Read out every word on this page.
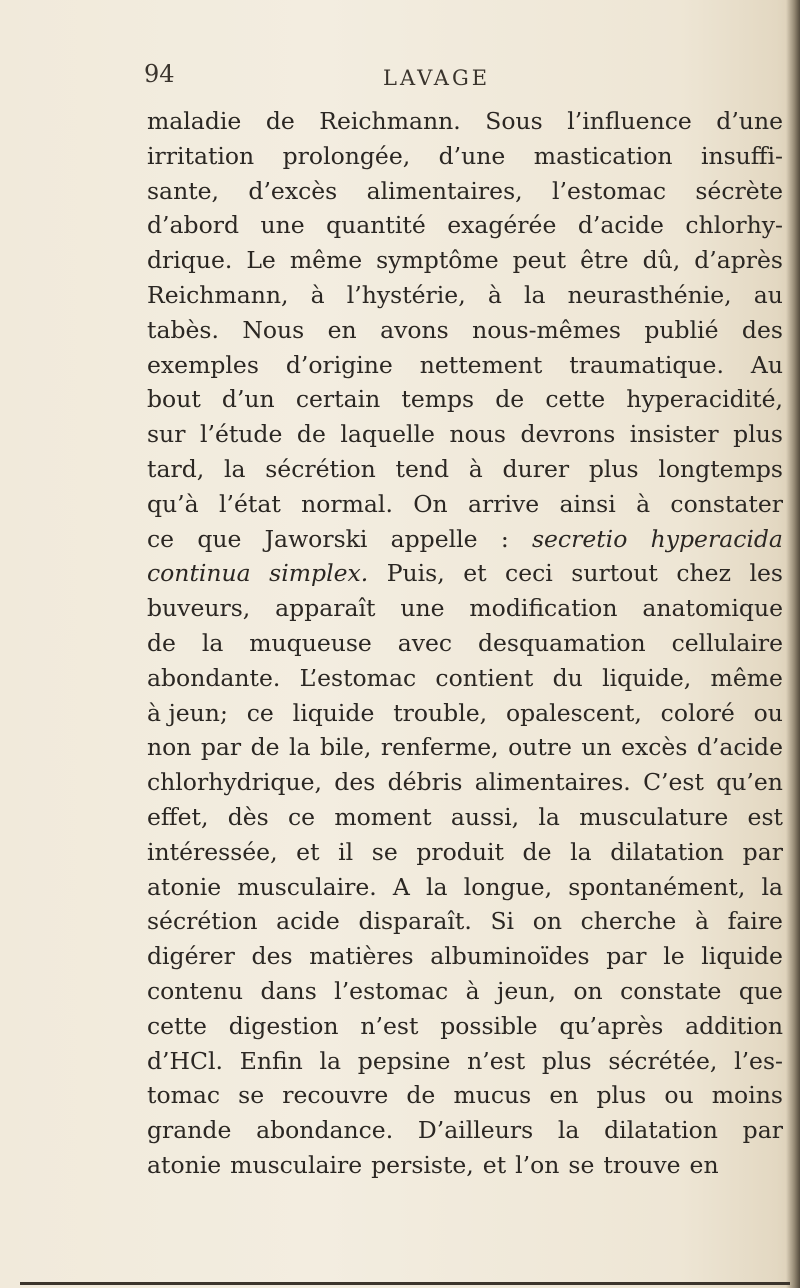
94	LAVAGE
maladie de Reichmann. Sous l’influence d’une
irritation prolongée, d’une mastication insuffi-
sante, d’excès alimentaires, l’estomac sécrète
d’abord une quantité exagérée d’acide chlorhy-
drique. Le même symptôme peut être dû, d’après
Reichmann, à l’hystérie, à la neurasthénie, au
tabès. Nous en avons nous-mêmes publié des
exemples d’origine nettement traumatique. Au
bout d’un certain temps de cette hyperacidité,
sur l’étude de laquelle nous devrons insister plus
tard, la sécrétion tend à durer plus longtemps
qu’à l’état normal. On arrive ainsi à constater
ce que Jaworski appelle : secretio hyperacida
continua simplex. Puis, et ceci surtout chez les
buveurs, apparaît une modification anatomique
de la muqueuse avec desquamation cellulaire
abondante. L’estomac contient du liquide, même
à jeun; ce liquide trouble, opalescent, coloré ou
non par de la bile, renferme, outre un excès d’acide
chlorhydrique, des débris alimentaires. C’est qu’en
effet, dès ce moment aussi, la musculature est
intéressée, et il se produit de la dilatation par
atonie musculaire. A la longue, spontanément, la
sécrétion acide disparaît. Si on cherche à faire
digérer des matières albuminoïdes par le liquide
contenu dans l’estomac à jeun, on constate que
cette digestion n’est possible qu’après addition
d’HCl. Enfin la pepsine n’est plus sécrétée, l’es-
tomac se recouvre de mucus en plus ou moins
grande abondance. D’ailleurs la dilatation par
atonie musculaire persiste, et l’on se trouve en
